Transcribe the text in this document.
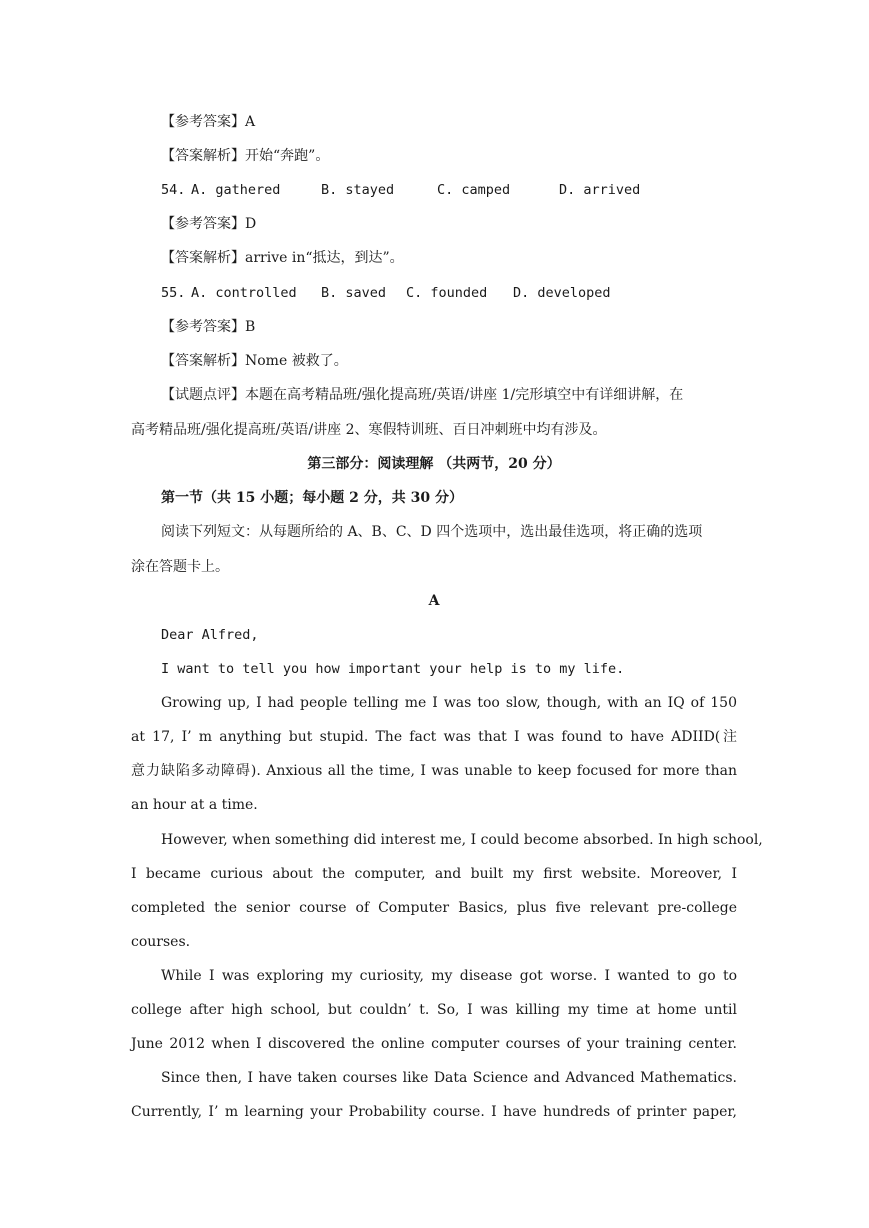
【参考答案】A
【答案解析】开始“奔跑”。
54. A. gathered	B. stayed	C. camped	D. arrived
【参考答案】D
【答案解析】arrive in“抵达，到达”。
55. A. controlled B. saved C. founded D. developed
【参考答案】B
【答案解析】Nome 被救了。
【试题点评】本题在高考精品班/强化提高班/英语/讲座 1/完形填空中有详细讲解，在
高考精品班/强化提高班/英语/讲座 2、寒假特训班、百日冲刺班中均有涉及。
第三部分：阅读理解 （共两节，20 分）
第一节（共 15 小题；每小题 2 分，共 30 分）
阅读下列短文：从每题所给的 A、B、C、D 四个选项中，选出最佳选项，将正确的选项
涂在答题卡上。
A
Dear Alfred,
I want to tell you how important your help is to my life.
Growing up, I had people telling me I was too slow, though, with an IQ of 150
at 17, I’ m anything but stupid. The fact was that I was found to have ADIID(注
意力缺陷多动障碍). Anxious all the time, I was unable to keep focused for more than
an hour at a time.
However, when something did interest me, I could become absorbed. In high school,
I became curious about the computer, and built my first website. Moreover, I
completed the senior course of Computer Basics, plus five relevant pre-college
courses.
While I was exploring my curiosity, my disease got worse. I wanted to go to
college after high school, but couldn’ t. So, I was killing my time at home until
June 2012 when I discovered the online computer courses of your training center.
Since then, I have taken courses like Data Science and Advanced Mathematics.
Currently, I’ m learning your Probability course. I have hundreds of printer paper,
